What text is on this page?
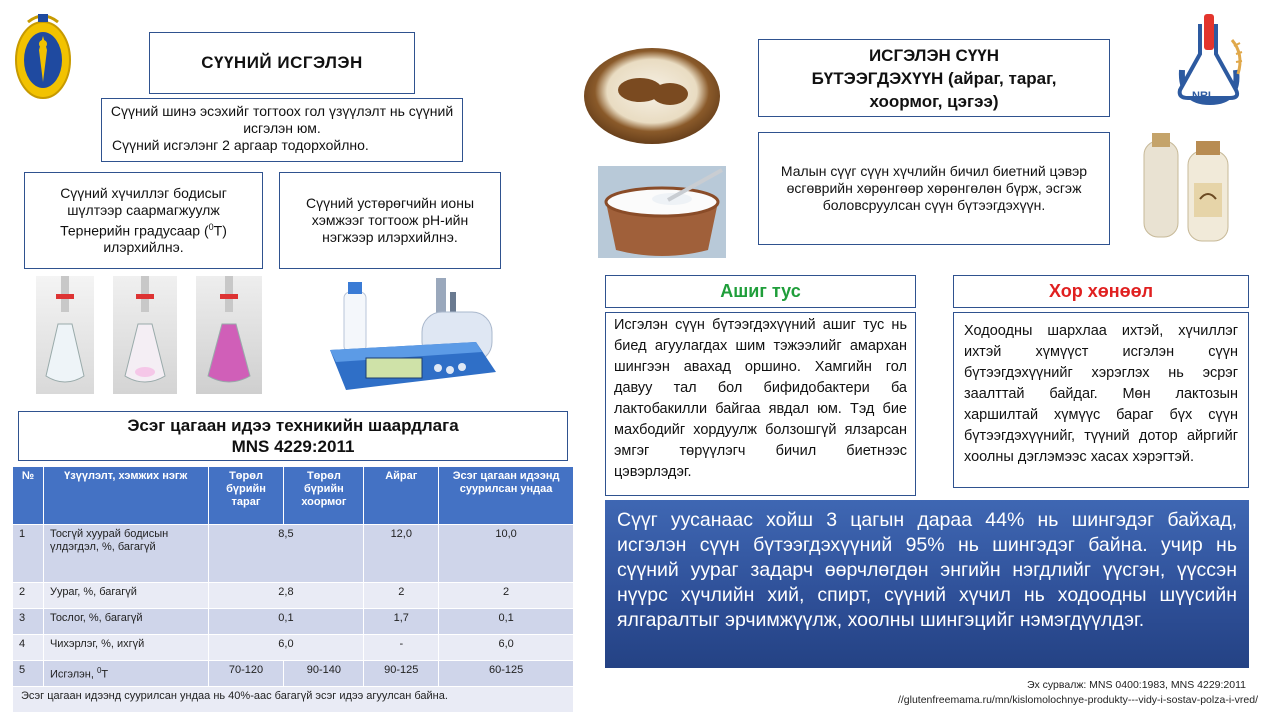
СҮҮНИЙ ИСГЭЛЭН
Сүүний шинэ эсэхийг тогтоох гол үзүүлэлт нь сүүний исгэлэн юм.
Сүүний исгэлэнг 2 аргаар тодорхойлно.
Сүүний хүчиллэг бодисыг шүлтээр саармагжуулж Тернерийн градусаар ($^0$T) илэрхийлнэ.
Сүүний устөрөгчийн ионы хэмжээг тогтоож pH-ийн нэгжээр илэрхийлнэ.
Эсэг цагаан идээ техникийн шаардлага
MNS 4229:2011
№	Үзүүлэлт, хэмжих нэгж	Төрөл бүрийн тараг	Төрөл бүрийн хоормог	Айраг	Эсэг цагаан идээнд суурилсан ундаа
1	Тосгүй хуурай бодисын үлдэгдэл, %, багагүй	8,5		12,0	10,0
2	Уураг, %, багагүй	2,8		2	2
3	Тослог, %, багагүй	0,1		1,7	0,1
4	Чихэрлэг, %, ихгүй	6,0		-	6,0
5	Исгэлэн, $^0$Т	70-120	90-140	90-125	60-125
Эсэг цагаан идээнд суурилсан ундаа нь 40%-аас багагүй эсэг идээ агуулсан байна.					
ИСГЭЛЭН СҮҮН
БҮТЭЭГДЭХҮҮН (айраг, тараг,
хоормог, цэгээ)
Малын сүүг сүүн хүчлийн бичил биетний цэвэр өсгөврийн хөрөнгөөр хөрөнгөлөн бүрж, эсгэж боловсруулсан сүүн бүтээгдэхүүн.
NRL
Ашиг тус	Хор хөнөөл
Исгэлэн сүүн бүтээгдэхүүний ашиг тус нь биед агуулагдах шим тэжээлийг амархан шингээн авахад оршино. Хамгийн гол давуу тал бол бифидобактери ба лактобакилли байгаа явдал юм. Тэд бие махбодийг хордуулж болзошгүй ялзарсан эмгэг төрүүлэгч бичил биетнээс цэвэрлэдэг.
Ходоодны шархлаа ихтэй, хүчиллэг ихтэй хүмүүст исгэлэн сүүн бүтээгдэхүүнийг хэрэглэх нь эсрэг заалттай байдаг. Мөн лактозын харшилтай хүмүүс бараг бүх сүүн бүтээгдэхүүнийг, түүний дотор айргийг хоолны дэглэмээс хасах хэрэгтэй.
Сүүг уусанаас хойш 3 цагын дараа 44% нь шингэдэг байхад, исгэлэн сүүн бүтээгдэхүүний 95% нь шингэдэг байна. учир нь сүүний уураг задарч өөрчлөгдөн энгийн нэгдлийг үүсгэн, үүссэн нүүрс хүчлийн хий, спирт, сүүний хүчил нь ходоодны шүүсийн ялгаралтыг эрчимжүүлж, хоолны шингэцийг нэмэгдүүлдэг.
Эх сурвалж: MNS 0400:1983, MNS 4229:2011
//glutenfreemama.ru/mn/kislomolochnye-produkty---vidy-i-sostav-polza-i-vred/
